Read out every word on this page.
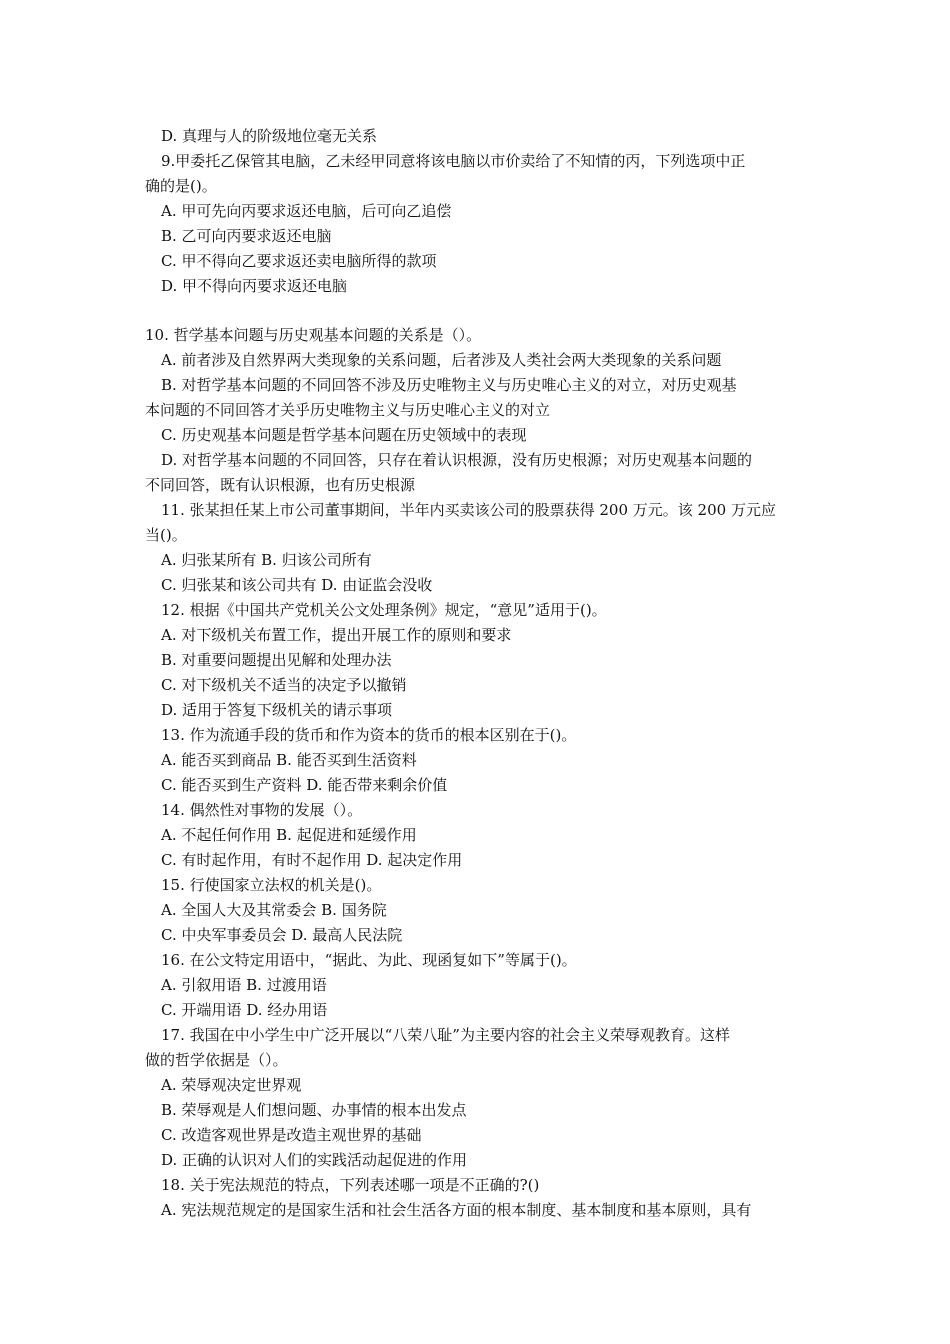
D. 真理与人的阶级地位毫无关系
9.甲委托乙保管其电脑，乙未经甲同意将该电脑以市价卖给了不知情的丙，下列选项中正
确的是()。
A. 甲可先向丙要求返还电脑，后可向乙追偿
B. 乙可向丙要求返还电脑
C. 甲不得向乙要求返还卖电脑所得的款项
D. 甲不得向丙要求返还电脑
10. 哲学基本问题与历史观基本问题的关系是（）。
A. 前者涉及自然界两大类现象的关系问题，后者涉及人类社会两大类现象的关系问题
B. 对哲学基本问题的不同回答不涉及历史唯物主义与历史唯心主义的对立，对历史观基
本问题的不同回答才关乎历史唯物主义与历史唯心主义的对立
C. 历史观基本问题是哲学基本问题在历史领域中的表现
D. 对哲学基本问题的不同回答，只存在着认识根源，没有历史根源；对历史观基本问题的
不同回答，既有认识根源，也有历史根源
11. 张某担任某上市公司董事期间，半年内买卖该公司的股票获得 200 万元。该 200 万元应
当()。
A. 归张某所有 B. 归该公司所有
C. 归张某和该公司共有 D. 由证监会没收
12. 根据《中国共产党机关公文处理条例》规定，“意见”适用于()。
A. 对下级机关布置工作，提出开展工作的原则和要求
B. 对重要问题提出见解和处理办法
C. 对下级机关不适当的决定予以撤销
D. 适用于答复下级机关的请示事项
13. 作为流通手段的货币和作为资本的货币的根本区别在于()。
A. 能否买到商品 B. 能否买到生活资料
C. 能否买到生产资料 D. 能否带来剩余价值
14. 偶然性对事物的发展（）。
A. 不起任何作用 B. 起促进和延缓作用
C. 有时起作用，有时不起作用 D. 起决定作用
15. 行使国家立法权的机关是()。
A. 全国人大及其常委会 B. 国务院
C. 中央军事委员会 D. 最高人民法院
16. 在公文特定用语中，“据此、为此、现函复如下”等属于()。
A. 引叙用语 B. 过渡用语
C. 开端用语 D. 经办用语
17. 我国在中小学生中广泛开展以“八荣八耻”为主要内容的社会主义荣辱观教育。这样
做的哲学依据是（）。
A. 荣辱观决定世界观
B. 荣辱观是人们想问题、办事情的根本出发点
C. 改造客观世界是改造主观世界的基础
D. 正确的认识对人们的实践活动起促进的作用
18. 关于宪法规范的特点，下列表述哪一项是不正确的?()
A. 宪法规范规定的是国家生活和社会生活各方面的根本制度、基本制度和基本原则，具有
